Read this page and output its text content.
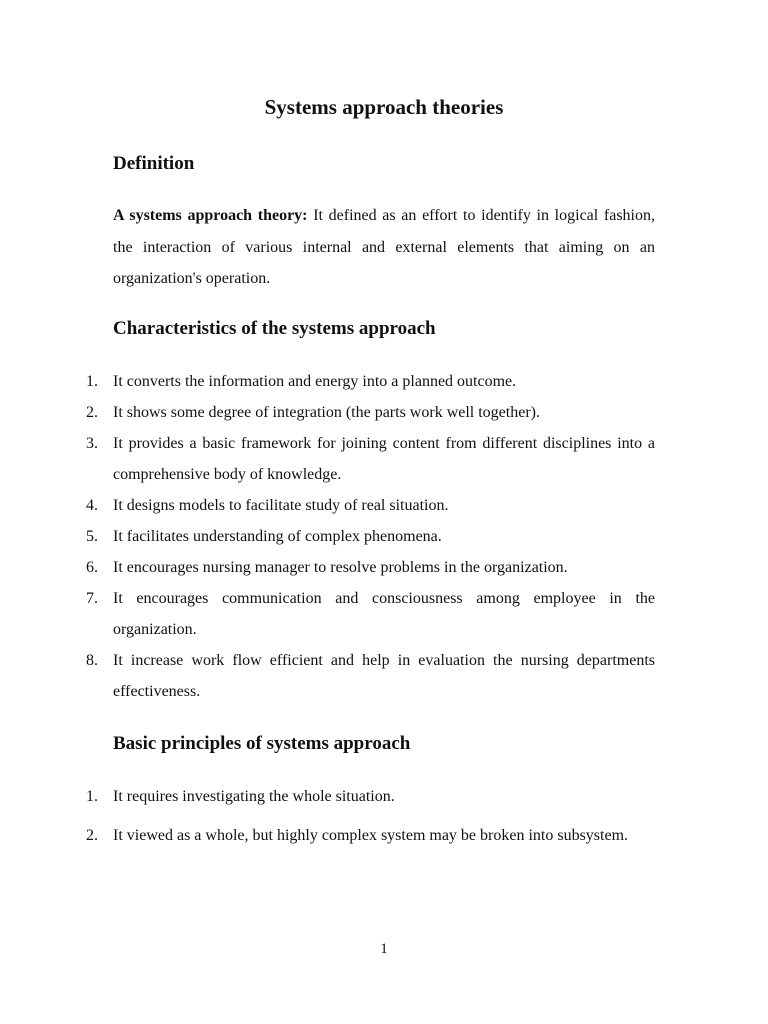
Systems approach theories
Definition

A systems approach theory: It defined as an effort to identify in logical fashion, the interaction of various internal and external elements that aiming on an organization's operation.

Characteristics of the systems approach
1. It converts the information and energy into a planned outcome.
2. It shows some degree of integration (the parts work well together).
3. It provides a basic framework for joining content from different disciplines into a comprehensive body of knowledge.
4. It designs models to facilitate study of real situation.
5. It facilitates understanding of complex phenomena.
6. It encourages nursing manager to resolve problems in the organization.
7. It encourages communication and consciousness among employee in the organization.
8. It increase work flow efficient and help in evaluation the nursing departments effectiveness.
Basic principles of systems approach
1. It requires investigating the whole situation.
2. It viewed as a whole, but highly complex system may be broken into subsystem.
1
